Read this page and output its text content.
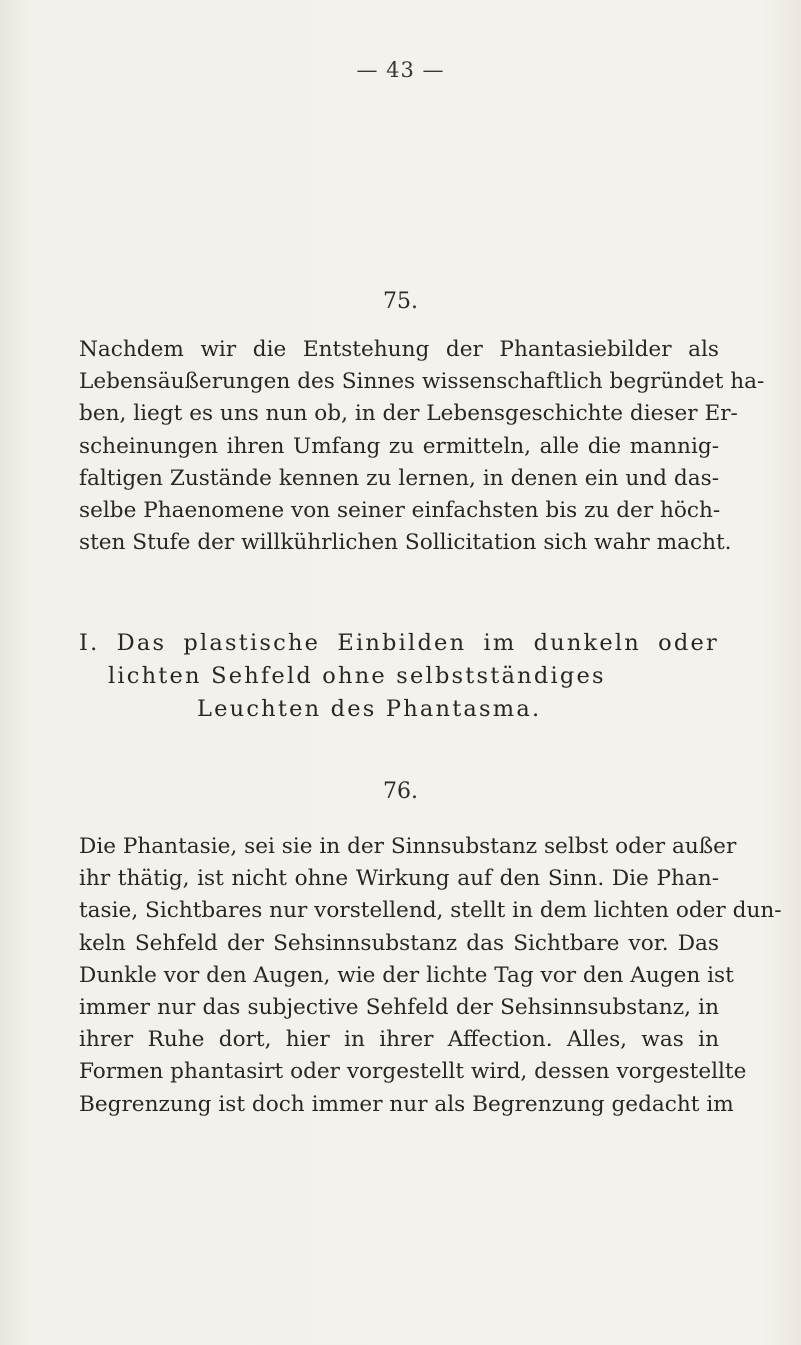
— 43 —
75.
Nachdem wir die Entstehung der Phantasiebilder als
Lebensäußerungen des Sinnes wissenschaftlich begründet ha-
ben, liegt es uns nun ob, in der Lebensgeschichte dieser Er-
scheinungen ihren Umfang zu ermitteln, alle die mannig-
faltigen Zustände kennen zu lernen, in denen ein und das-
selbe Phaenomene von seiner einfachsten bis zu der höch-
sten Stufe der willkührlichen Sollicitation sich wahr macht.
I. Das plastische Einbilden im dunkeln oder
lichten Sehfeld ohne selbstständiges
Leuchten des Phantasma.
76.
Die Phantasie, sei sie in der Sinnsubstanz selbst oder außer
ihr thätig, ist nicht ohne Wirkung auf den Sinn. Die Phan-
tasie, Sichtbares nur vorstellend, stellt in dem lichten oder dun-
keln Sehfeld der Sehsinnsubstanz das Sichtbare vor. Das
Dunkle vor den Augen, wie der lichte Tag vor den Augen ist
immer nur das subjective Sehfeld der Sehsinnsubstanz, in
ihrer Ruhe dort, hier in ihrer Affection. Alles, was in
Formen phantasirt oder vorgestellt wird, dessen vorgestellte
Begrenzung ist doch immer nur als Begrenzung gedacht im
